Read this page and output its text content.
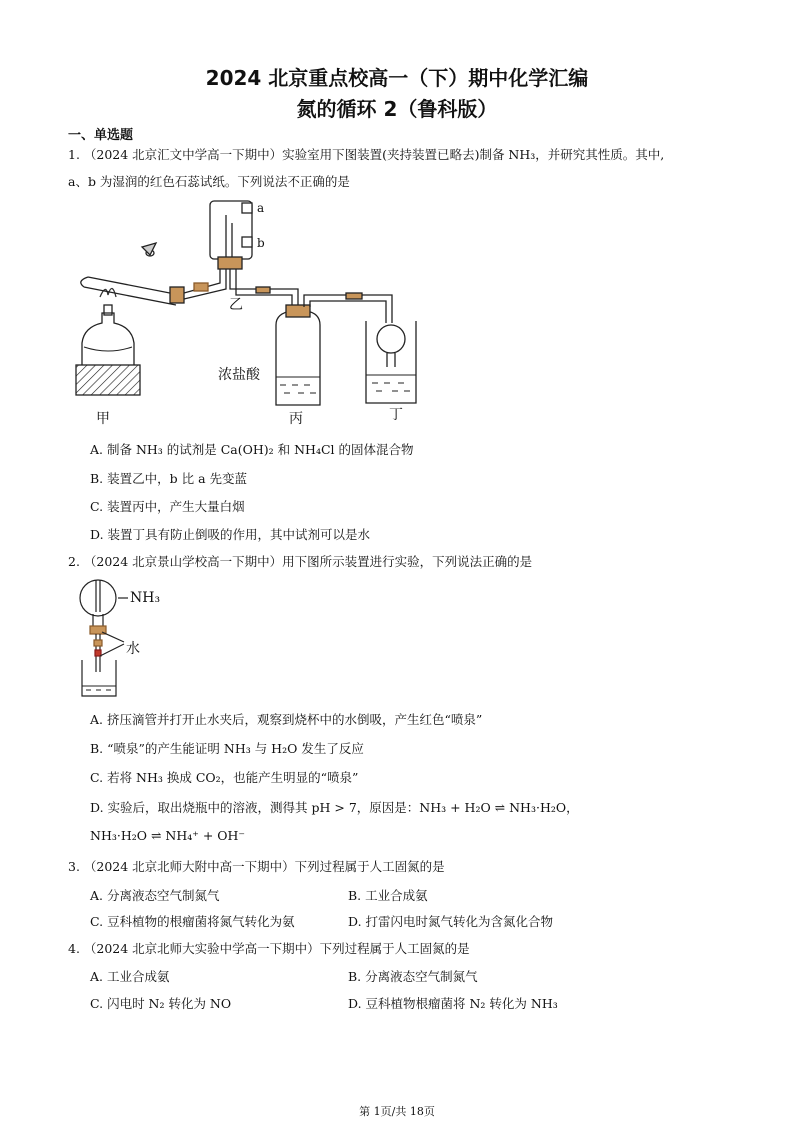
2024 北京重点校高一（下）期中化学汇编
氮的循环 2（鲁科版）
一、单选题
1. （2024 北京汇文中学高一下期中）实验室用下图装置(夹持装置已略去)制备 NH₃，并研究其性质。其中,
a、b 为湿润的红色石蕊试纸。下列说法不正确的是
a
b
乙
浓盐酸
甲	丙	丁
A. 制备 NH₃ 的试剂是 Ca(OH)₂ 和 NH₄Cl 的固体混合物
B. 装置乙中，b 比 a 先变蓝
C. 装置丙中，产生大量白烟
D. 装置丁具有防止倒吸的作用，其中试剂可以是水
2. （2024 北京景山学校高一下期中）用下图所示装置进行实验，下列说法正确的是
NH₃
水
A. 挤压滴管并打开止水夹后，观察到烧杯中的水倒吸，产生红色“喷泉”
B. “喷泉”的产生能证明 NH₃ 与 H₂O 发生了反应
C. 若将 NH₃ 换成 CO₂，也能产生明显的“喷泉”
D. 实验后，取出烧瓶中的溶液，测得其 pH > 7，原因是：NH₃ + H₂O ⇌ NH₃·H₂O，
NH₃·H₂O ⇌ NH₄⁺ + OH⁻
3. （2024 北京北师大附中高一下期中）下列过程属于人工固氮的是
A. 分离液态空气制氮气	B. 工业合成氨
C. 豆科植物的根瘤菌将氮气转化为氨	D. 打雷闪电时氮气转化为含氮化合物
4. （2024 北京北师大实验中学高一下期中）下列过程属于人工固氮的是
A. 工业合成氨	B. 分离液态空气制氮气
C. 闪电时 N₂ 转化为 NO	D. 豆科植物根瘤菌将 N₂ 转化为 NH₃
第 1页/共 18页
